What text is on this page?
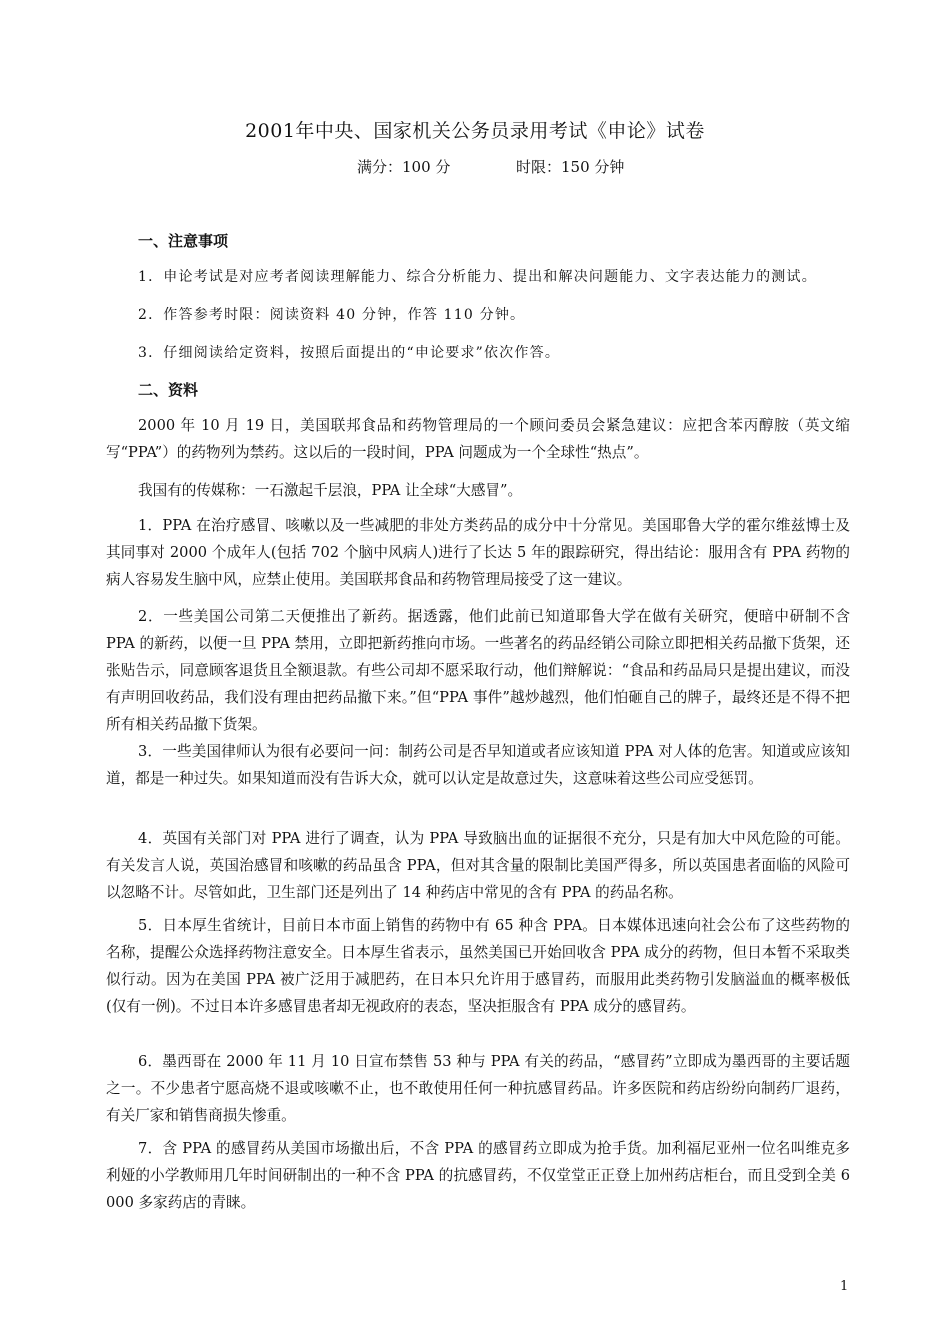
2001年中央、国家机关公务员录用考试《申论》试卷
满分：100 分	时限：150 分钟
一、注意事项
1．申论考试是对应考者阅读理解能力、综合分析能力、提出和解决问题能力、文字表达能力的测试。
2．作答参考时限：阅读资料 40 分钟，作答 110 分钟。
3．仔细阅读给定资料，按照后面提出的“申论要求”依次作答。
二、资料

2000 年 10 月 19 日，美国联邦食品和药物管理局的一个顾问委员会紧急建议：应把含苯丙醇胺（英文缩写“PPA”）的药物列为禁药。这以后的一段时间，PPA 问题成为一个全球性“热点”。

我国有的传媒称：一石激起千层浪，PPA 让全球“大感冒”。

1．PPA 在治疗感冒、咳嗽以及一些减肥的非处方类药品的成分中十分常见。美国耶鲁大学的霍尔维兹博士及其同事对 2000 个成年人(包括 702 个脑中风病人)进行了长达 5 年的跟踪研究，得出结论：服用含有 PPA 药物的病人容易发生脑中风，应禁止使用。美国联邦食品和药物管理局接受了这一建议。

2．一些美国公司第二天便推出了新药。据透露，他们此前已知道耶鲁大学在做有关研究，便暗中研制不含 PPA 的新药，以便一旦 PPA 禁用，立即把新药推向市场。一些著名的药品经销公司除立即把相关药品撤下货架，还张贴告示，同意顾客退货且全额退款。有些公司却不愿采取行动，他们辩解说：“食品和药品局只是提出建议，而没有声明回收药品，我们没有理由把药品撤下来。”但“PPA 事件”越炒越烈，他们怕砸自己的牌子，最终还是不得不把所有相关药品撤下货架。

3．一些美国律师认为很有必要问一问：制药公司是否早知道或者应该知道 PPA 对人体的危害。知道或应该知道，都是一种过失。如果知道而没有告诉大众，就可以认定是故意过失，这意味着这些公司应受惩罚。

4．英国有关部门对 PPA 进行了调查，认为 PPA 导致脑出血的证据很不充分，只是有加大中风危险的可能。有关发言人说，英国治感冒和咳嗽的药品虽含 PPA，但对其含量的限制比美国严得多，所以英国患者面临的风险可以忽略不计。尽管如此，卫生部门还是列出了 14 种药店中常见的含有 PPA 的药品名称。

5．日本厚生省统计，目前日本市面上销售的药物中有 65 种含 PPA。日本媒体迅速向社会公布了这些药物的名称，提醒公众选择药物注意安全。日本厚生省表示，虽然美国已开始回收含 PPA 成分的药物，但日本暂不采取类似行动。因为在美国 PPA 被广泛用于减肥药，在日本只允许用于感冒药，而服用此类药物引发脑溢血的概率极低(仅有一例)。不过日本许多感冒患者却无视政府的表态，坚决拒服含有 PPA 成分的感冒药。

6．墨西哥在 2000 年 11 月 10 日宣布禁售 53 种与 PPA 有关的药品，“感冒药”立即成为墨西哥的主要话题之一。不少患者宁愿高烧不退或咳嗽不止，也不敢使用任何一种抗感冒药品。许多医院和药店纷纷向制药厂退药，有关厂家和销售商损失惨重。

7．含 PPA 的感冒药从美国市场撤出后，不含 PPA 的感冒药立即成为抢手货。加利福尼亚州一位名叫维克多利娅的小学教师用几年时间研制出的一种不含 PPA 的抗感冒药，不仅堂堂正正登上加州药店柜台，而且受到全美 6 000 多家药店的青睐。

1
